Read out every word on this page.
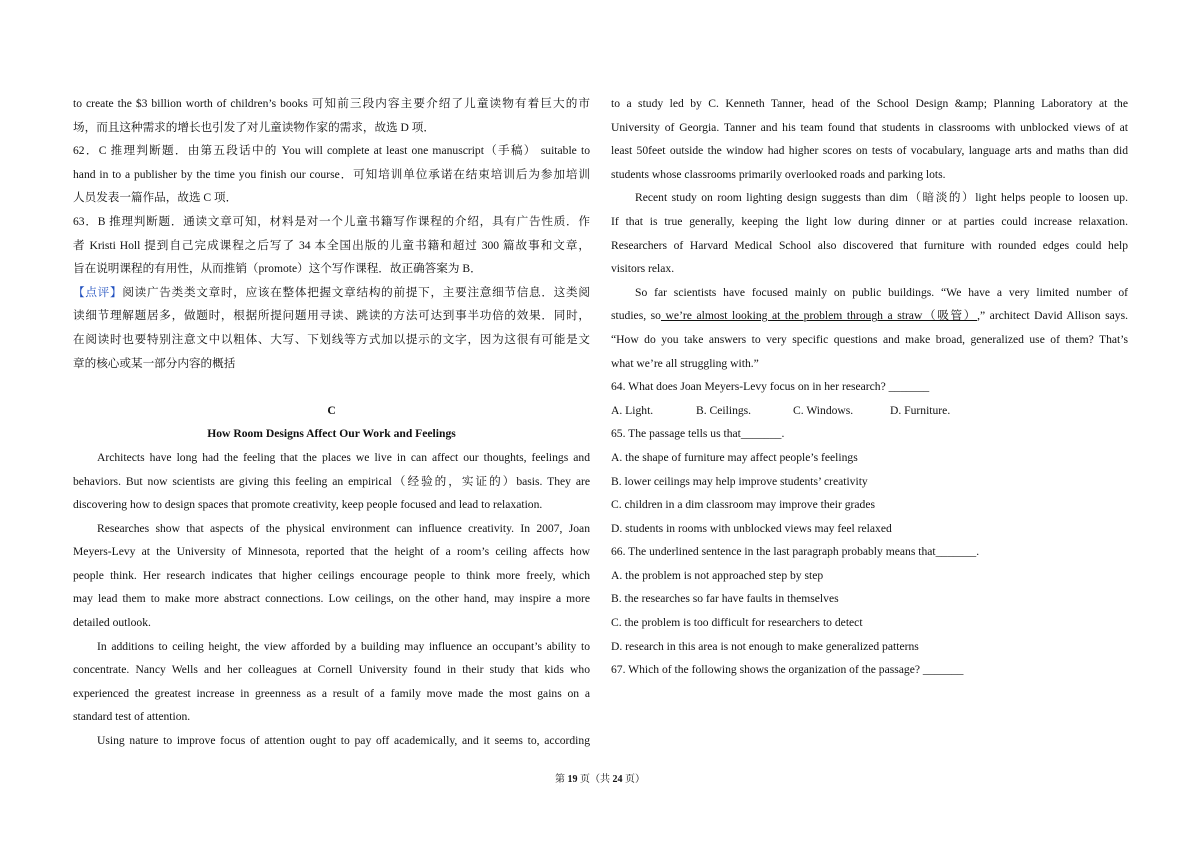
to create the $3 billion worth of children’s books 可知前三段内容主要介绍了儿童读物有着巨大的市
场，而且这种需求的增长也引发了对儿童读物作家的需求，故选 D 项．
62．C 推理判断题．由第五段话中的 You will complete at least one manuscript（手稿） suitable to
hand in to a publisher by the time you finish our course．可知培训单位承诺在结束培训后为参加培训
人员发表一篇作品，故选 C 项．
63．B 推理判断题．通读文章可知，材料是对一个儿童书籍写作课程的介绍，具有广告性质．作
者 Kristi Holl 提到自己完成课程之后写了 34 本全国出版的儿童书籍和超过 300 篇故事和文章，
旨在说明课程的有用性，从而推销（promote）这个写作课程．故正确答案为 B．
【点评】阅读广告类类文章时，应该在整体把握文章结构的前提下，主要注意细节信息．这类阅
读细节理解题居多，做题时，根据所提问题用寻读、跳读的方法可达到事半功倍的效果．同时，
在阅读时也要特别注意文中以粗体、大写、下划线等方式加以提示的文字，因为这很有可能是文
章的核心或某一部分内容的概括
C
How Room Designs Affect Our Work and Feelings
Architects have long had the feeling that the places we live in can affect our thoughts, feelings and
behaviors. But now scientists are giving this feeling an empirical（经验的，实证的）basis. They are
discovering how to design spaces that promote creativity, keep people focused and lead to relaxation.
Researches show that aspects of the physical environment can influence creativity. In 2007, Joan
Meyers-Levy at the University of Minnesota, reported that the height of a room’s ceiling affects how
people think. Her research indicates that higher ceilings encourage people to think more freely, which
may lead them to make more abstract connections. Low ceilings, on the other hand, may inspire a more
detailed outlook.
In additions to ceiling height, the view afforded by a building may influence an occupant’s ability to
concentrate. Nancy Wells and her colleagues at Cornell University found in their study that kids who
experienced the greatest increase in greenness as a result of a family move made the most gains on a
standard test of attention.
Using nature to improve focus of attention ought to pay off academically, and it seems to, according
to a study led by C. Kenneth Tanner, head of the School Design &amp; Planning Laboratory at the
University of Georgia. Tanner and his team found that students in classrooms with unblocked views of at
least 50feet outside the window had higher scores on tests of vocabulary, language arts and maths than did
students whose classrooms primarily overlooked roads and parking lots.
Recent study on room lighting design suggests than dim（暗淡的）light helps people to loosen up.
If that is true generally, keeping the light low during dinner or at parties could increase relaxation.
Researchers of Harvard Medical School also discovered that furniture with rounded edges could help
visitors relax.
So far scientists have focused mainly on public buildings. “We have a very limited number of
studies, so we’re almost looking at the problem through a straw（吸管）,” architect David Allison says.
“How do you take answers to very specific questions and make broad, generalized use of them? That’s
what we’re all struggling with.”
64. What does Joan Meyers-Levy focus on in her research? _______
A. Light.	B. Ceilings.	C. Windows.	D. Furniture.
65. The passage tells us that_______.
A. the shape of furniture may affect people’s feelings
B. lower ceilings may help improve students’ creativity
C. children in a dim classroom may improve their grades
D. students in rooms with unblocked views may feel relaxed
66. The underlined sentence in the last paragraph probably means that_______.
A. the problem is not approached step by step
B. the researches so far have faults in themselves
C. the problem is too difficult for researchers to detect
D. research in this area is not enough to make generalized patterns
67. Which of the following shows the organization of the passage? _______
第 19 页（共 24 页）
